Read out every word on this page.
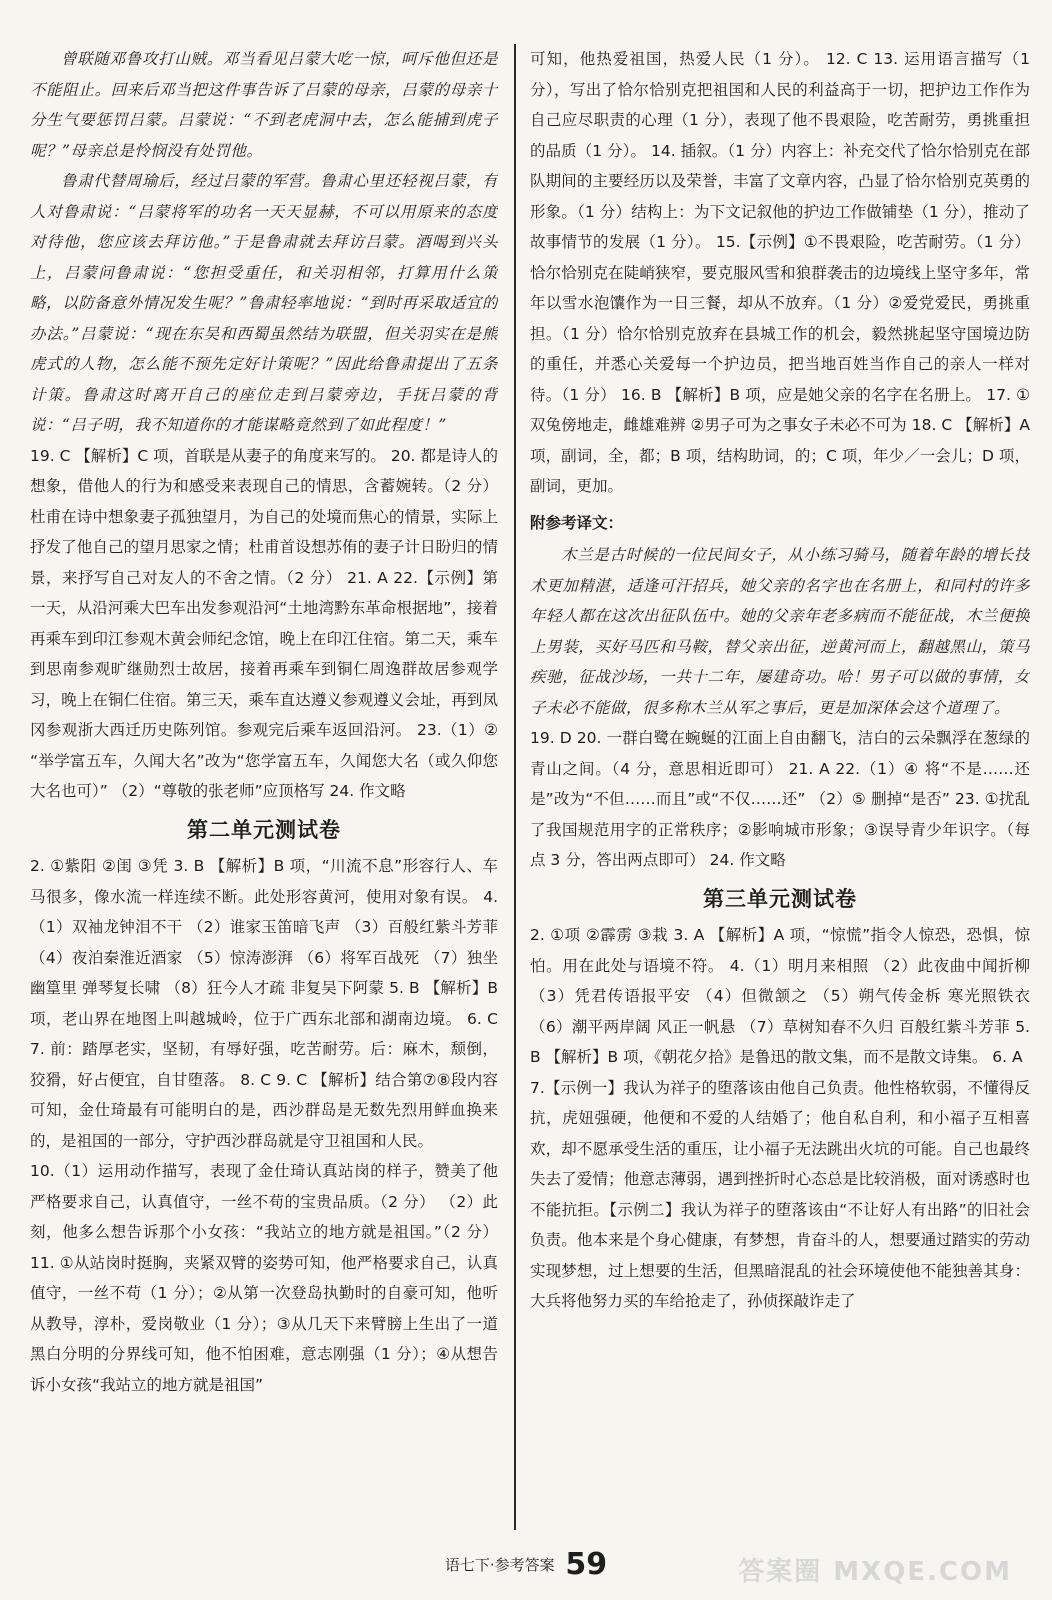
曾联随邓鲁攻打山贼。邓当看见吕蒙大吃一惊，呵斥他但还是不能阻止。回来后邓当把这件事告诉了吕蒙的母亲，吕蒙的母亲十分生气要惩罚吕蒙。吕蒙说：“不到老虎洞中去，怎么能捕到虎子呢？”母亲总是怜悯没有处罚他。

鲁肃代替周瑜后，经过吕蒙的军营。鲁肃心里还轻视吕蒙，有人对鲁肃说：“吕蒙将军的功名一天天显赫，不可以用原来的态度对待他，您应该去拜访他。”于是鲁肃就去拜访吕蒙。酒喝到兴头上，吕蒙问鲁肃说：“您担受重任，和关羽相邻，打算用什么策略，以防备意外情况发生呢？”鲁肃轻率地说：“到时再采取适宜的办法。”吕蒙说：“现在东吴和西蜀虽然结为联盟，但关羽实在是熊虎式的人物，怎么能不预先定好计策呢？”因此给鲁肃提出了五条计策。鲁肃这时离开自己的座位走到吕蒙旁边，手抚吕蒙的背说：“吕子明，我不知道你的才能谋略竟然到了如此程度！”

19. C 【解析】C 项，首联是从妻子的角度来写的。 20. 都是诗人的想象，借他人的行为和感受来表现自己的情思，含蓄婉转。（2 分）杜甫在诗中想象妻子孤独望月，为自己的处境而焦心的情景，实际上抒发了他自己的望月思家之情；杜甫首设想苏侑的妻子计日盼归的情景，来抒写自己对友人的不舍之情。（2 分） 21. A 22.【示例】第一天，从沿河乘大巴车出发参观沿河“土地湾黔东革命根据地”，接着再乘车到印江参观木黄会师纪念馆，晚上在印江住宿。第二天，乘车到思南参观旷继勋烈士故居，接着再乘车到铜仁周逸群故居参观学习，晚上在铜仁住宿。第三天，乘车直达遵义参观遵义会址，再到凤冈参观浙大西迁历史陈列馆。参观完后乘车返回沿河。 23.（1）② “举学富五车，久闻大名”改为“您学富五车，久闻您大名（或久仰您大名也可）” （2）“尊敬的张老师”应顶格写 24. 作文略

第二单元测试卷

2. ①紫阳 ②闺 ③凭 3. B 【解析】B 项，“川流不息”形容行人、车马很多，像水流一样连续不断。此处形容黄河，使用对象有误。 4.（1）双袖龙钟泪不干 （2）谁家玉笛暗飞声 （3）百般红紫斗芳菲 （4）夜泊秦淮近酒家 （5）惊涛澎湃 （6）将军百战死 （7）独坐幽篁里 弹琴复长啸 （8）狂今人才疏 非复吴下阿蒙 5. B 【解析】B 项，老山界在地图上叫越城岭，位于广西东北部和湖南边境。 6. C 7. 前：踏厚老实，坚韧，有辱好强，吃苦耐劳。后：麻木，颓倒，狡猾，好占便宜，自甘堕落。 8. C 9. C 【解析】结合第⑦⑧段内容可知，金仕琦最有可能明白的是，西沙群岛是无数先烈用鲜血换来的，是祖国的一部分，守护西沙群岛就是守卫祖国和人民。

10.（1）运用动作描写，表现了金仕琦认真站岗的样子，赞美了他严格要求自己，认真值守，一丝不苟的宝贵品质。（2 分） （2）此刻，他多么想告诉那个小女孩：“我站立的地方就是祖国。”（2 分） 11. ①从站岗时挺胸，夹紧双臂的姿势可知，他严格要求自己，认真值守，一丝不苟（1 分）；②从第一次登岛执勤时的自豪可知，他听从教导，淳朴，爱岗敬业（1 分）；③从几天下来臂膀上生出了一道黑白分明的分界线可知，他不怕困难，意志刚强（1 分）；④从想告诉小女孩“我站立的地方就是祖国”

可知，他热爱祖国，热爱人民（1 分）。 12. C 13. 运用语言描写（1 分），写出了恰尔恰别克把祖国和人民的利益高于一切，把护边工作作为自己应尽职责的心理（1 分），表现了他不畏艰险，吃苦耐劳，勇挑重担的品质（1 分）。 14. 插叙。（1 分）内容上：补充交代了恰尔恰别克在部队期间的主要经历以及荣誉，丰富了文章内容，凸显了恰尔恰别克英勇的形象。（1 分）结构上：为下文记叙他的护边工作做铺垫（1 分），推动了故事情节的发展（1 分）。 15.【示例】①不畏艰险，吃苦耐劳。（1 分）恰尔恰别克在陡峭狭窄，要克服风雪和狼群袭击的边境线上坚守多年，常年以雪水泡馕作为一日三餐，却从不放弃。（1 分）②爱党爱民，勇挑重担。（1 分）恰尔恰别克放弃在县城工作的机会，毅然挑起坚守国境边防的重任，并悉心关爱每一个护边员，把当地百姓当作自己的亲人一样对待。（1 分） 16. B 【解析】B 项，应是她父亲的名字在名册上。 17. ①双兔傍地走，雌雄难辨 ②男子可为之事女子未必不可为 18. C 【解析】A 项，副词，全，都；B 项，结构助词，的；C 项，年少／一会儿；D 项，副词，更加。

附参考译文：

木兰是古时候的一位民间女子，从小练习骑马，随着年龄的增长技术更加精湛，适逢可汗招兵，她父亲的名字也在名册上，和同村的许多年轻人都在这次出征队伍中。她的父亲年老多病而不能征战，木兰便换上男装，买好马匹和马鞍，替父亲出征，逆黄河而上，翻越黑山，策马疾驰，征战沙场，一共十二年，屡建奇功。哈！男子可以做的事情，女子未必不能做，很多称木兰从军之事后，更是加深体会这个道理了。

19. D 20. 一群白鹭在蜿蜒的江面上自由翻飞，洁白的云朵飘浮在葱绿的青山之间。（4 分，意思相近即可） 21. A 22.（1）④ 将“不是……还是”改为“不但……而且”或“不仅……还” （2）⑤ 删掉“是否” 23. ①扰乱了我国规范用字的正常秩序；②影响城市形象；③误导青少年识字。（每点 3 分，答出两点即可） 24. 作文略

第三单元测试卷

2. ①项 ②霹雳 ③栽 3. A 【解析】A 项，“惊慌”指令人惊恐，恐惧，惊怕。用在此处与语境不符。 4.（1）明月来相照 （2）此夜曲中闻折柳 （3）凭君传语报平安 （4）但微颔之 （5）朔气传金柝 寒光照铁衣 （6）潮平两岸阔 风正一帆悬 （7）草树知春不久归 百般红紫斗芳菲 5. B 【解析】B 项，《朝花夕拾》是鲁迅的散文集，而不是散文诗集。 6. A

7.【示例一】我认为祥子的堕落该由他自己负责。他性格软弱，不懂得反抗，虎妞强硬，他便和不爱的人结婚了；他自私自利，和小福子互相喜欢，却不愿承受生活的重压，让小福子无法跳出火坑的可能。自己也最终失去了爱情；他意志薄弱，遇到挫折时心态总是比较消极，面对诱惑时也不能抗拒。【示例二】我认为祥子的堕落该由“不让好人有出路”的旧社会负责。他本来是个身心健康，有梦想，肯奋斗的人，想要通过踏实的劳动实现梦想，过上想要的生活，但黑暗混乱的社会环境使他不能独善其身：大兵将他努力买的车给抢走了，孙侦探敲诈走了

语七下·参考答案 59	答案圈 MXQE.COM
